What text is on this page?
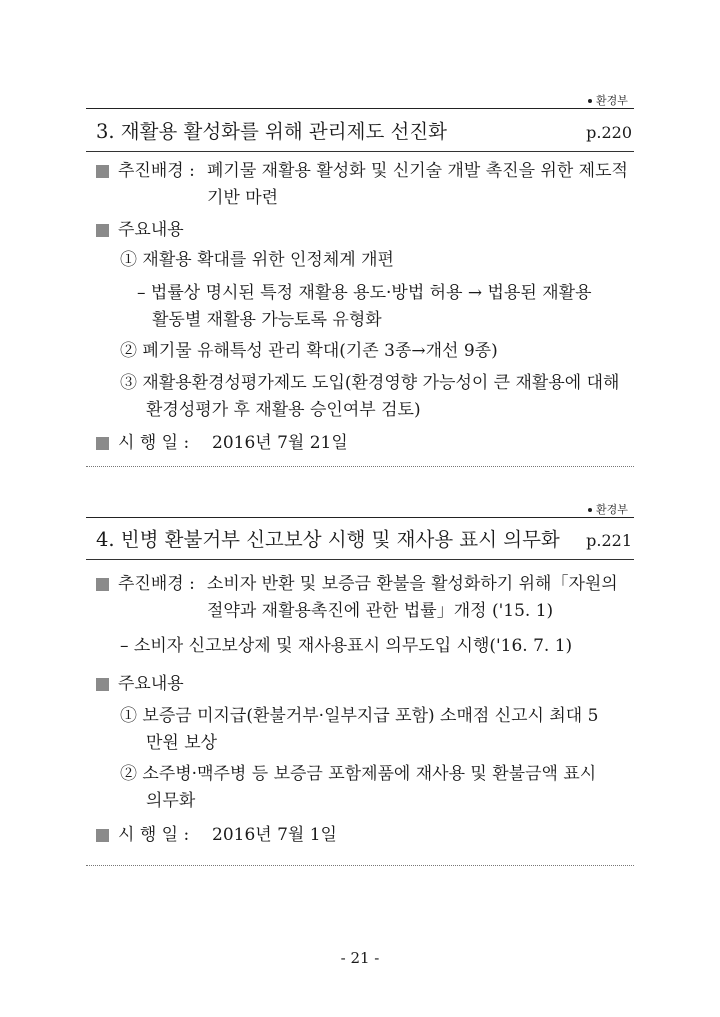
환경부
3. 재활용 활성화를 위해 관리제도 선진화	p.220
추진배경 : 폐기물 재활용 활성화 및 신기술 개발 촉진을 위한 제도적
기반 마련
주요내용
① 재활용 확대를 위한 인정체계 개편
– 법률상 명시된 특정 재활용 용도·방법 허용 → 법용된 재활용
활동별 재활용 가능토록 유형화
② 폐기물 유해특성 관리 확대(기존 3종→개선 9종)
③ 재활용환경성평가제도 도입(환경영향 가능성이 큰 재활용에 대해
환경성평가 후 재활용 승인여부 검토)
시 행 일 : 2016년 7월 21일
환경부
4. 빈병 환불거부 신고보상 시행 및 재사용 표시 의무화	p.221
추진배경 : 소비자 반환 및 보증금 환불을 활성화하기 위해「자원의
절약과 재활용촉진에 관한 법률」개정 ('15. 1)
– 소비자 신고보상제 및 재사용표시 의무도입 시행('16. 7. 1)
주요내용
① 보증금 미지급(환불거부·일부지급 포함) 소매점 신고시 최대 5
만원 보상
② 소주병·맥주병 등 보증금 포함제품에 재사용 및 환불금액 표시
의무화
시 행 일 : 2016년 7월 1일
- 21 -
